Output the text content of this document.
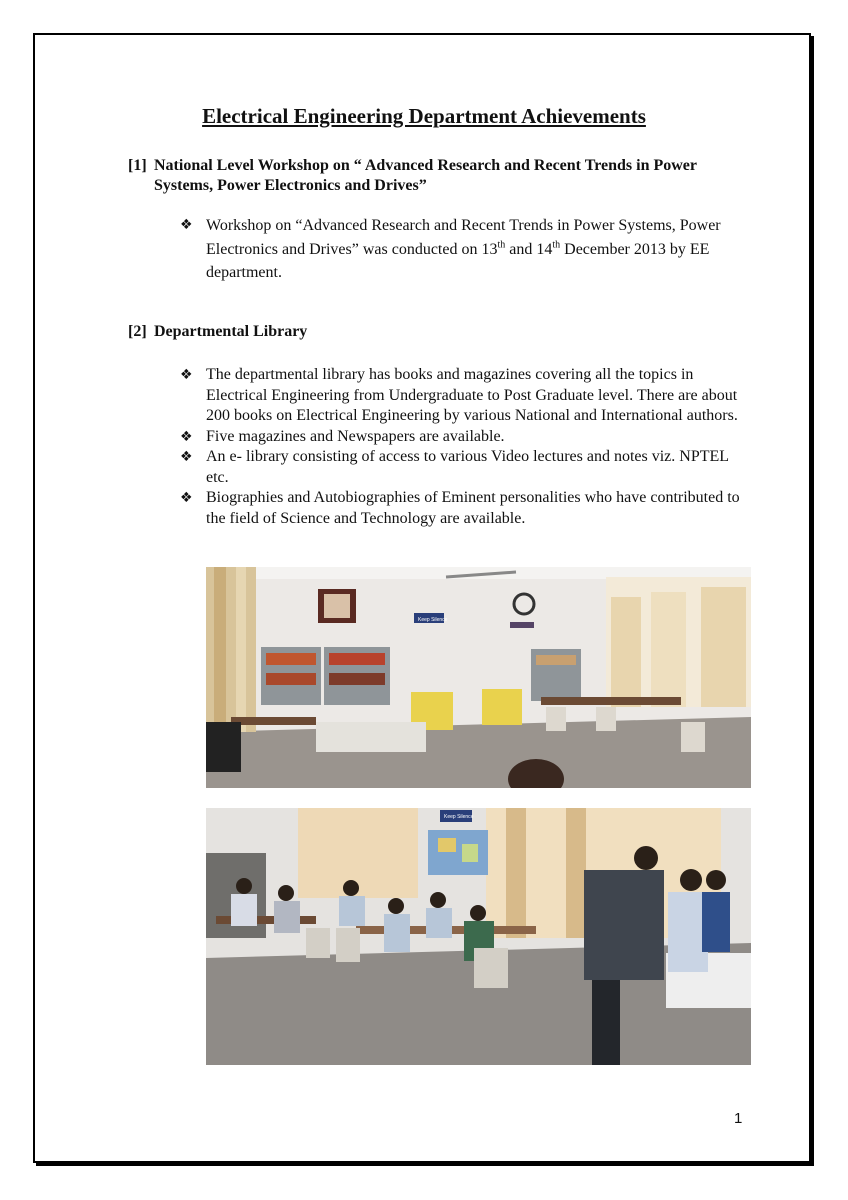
Electrical Engineering Department Achievements
[1] National Level Workshop on “ Advanced Research and Recent Trends in Power Systems, Power Electronics and Drives”
❖ Workshop on “Advanced Research and Recent Trends in Power Systems, Power Electronics and Drives” was conducted on 13th and 14th December 2013 by EE department.
[2] Departmental Library
❖ The departmental library has books and magazines covering all the topics in Electrical Engineering from Undergraduate to Post Graduate level. There are about 200 books on Electrical Engineering by various National and International authors.
❖ Five magazines and Newspapers are available.
❖ An e- library consisting of access to various Video lectures and notes viz. NPTEL etc.
❖ Biographies and Autobiographies of Eminent personalities who have contributed to the field of Science and Technology are available.
Keep Silence
Keep Silence
1
